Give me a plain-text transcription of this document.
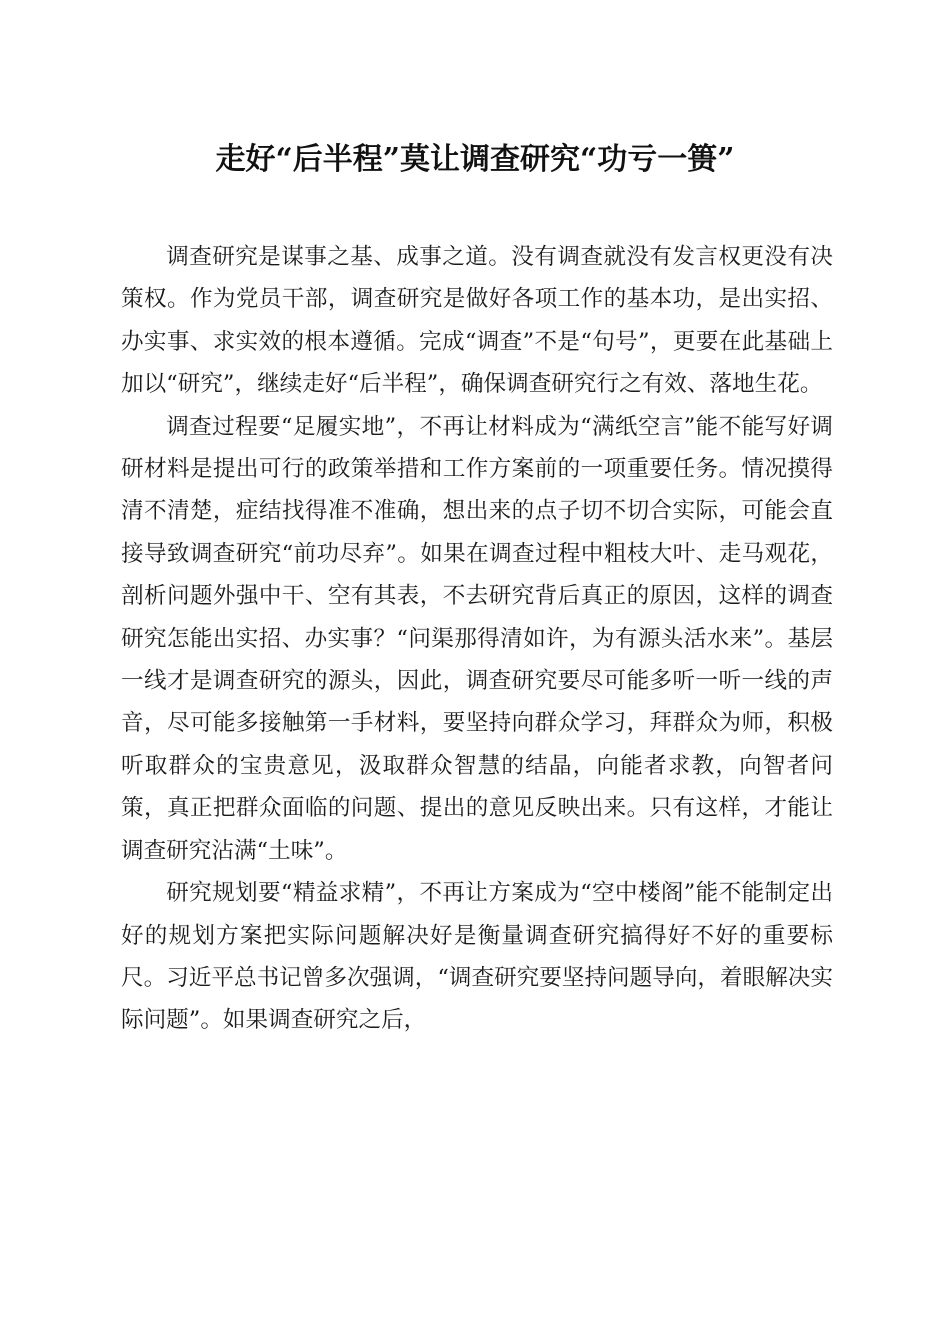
走好“后半程”莫让调查研究“功亏一篑”

调查研究是谋事之基、成事之道。没有调查就没有发言权更没有决策权。作为党员干部，调查研究是做好各项工作的基本功，是出实招、办实事、求实效的根本遵循。完成“调查”不是“句号”，更要在此基础上加以“研究”，继续走好“后半程”，确保调查研究行之有效、落地生花。

调查过程要“足履实地”，不再让材料成为“满纸空言”能不能写好调研材料是提出可行的政策举措和工作方案前的一项重要任务。情况摸得清不清楚，症结找得准不准确，想出来的点子切不切合实际，可能会直接导致调查研究“前功尽弃”。如果在调查过程中粗枝大叶、走马观花，剖析问题外强中干、空有其表，不去研究背后真正的原因，这样的调查研究怎能出实招、办实事？“问渠那得清如许，为有源头活水来”。基层一线才是调查研究的源头，因此，调查研究要尽可能多听一听一线的声音，尽可能多接触第一手材料，要坚持向群众学习，拜群众为师，积极听取群众的宝贵意见，汲取群众智慧的结晶，向能者求教，向智者问策，真正把群众面临的问题、提出的意见反映出来。只有这样，才能让调查研究沾满“土味”。

研究规划要“精益求精”，不再让方案成为“空中楼阁”能不能制定出好的规划方案把实际问题解决好是衡量调查研究搞得好不好的重要标尺。习近平总书记曾多次强调，“调查研究要坚持问题导向，着眼解决实际问题”。如果调查研究之后，
